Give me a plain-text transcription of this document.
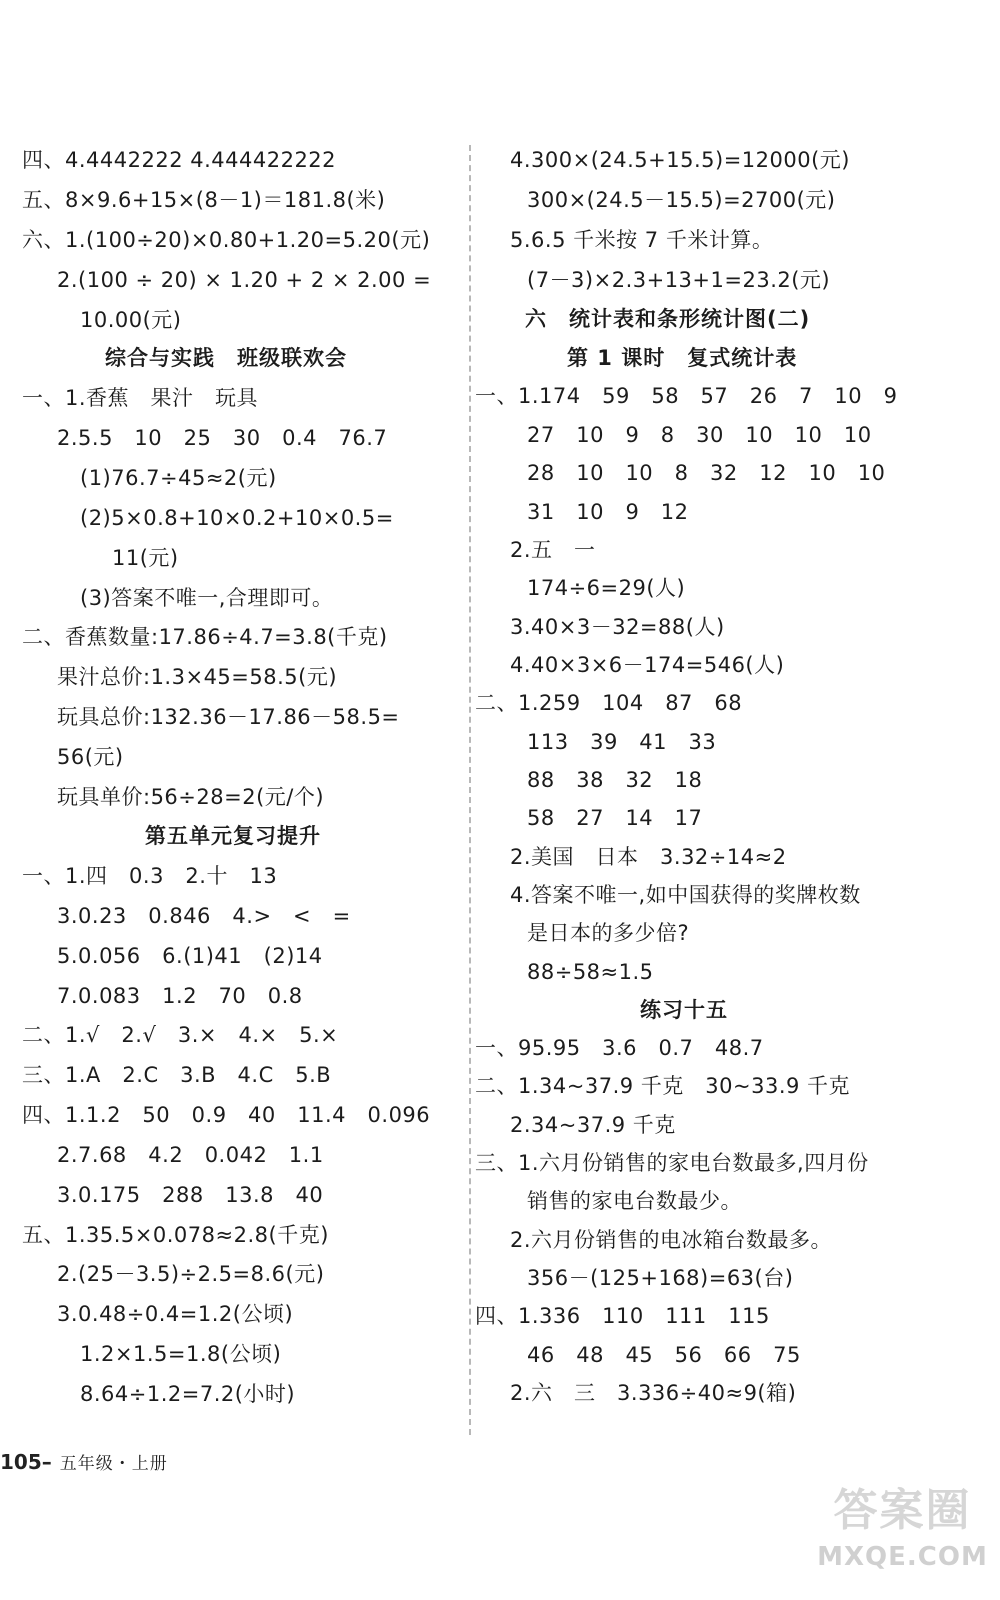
四、4.4442222 4.444422222
五、8×9.6+15×(8－1)＝181.8(米)
六、1.(100÷20)×0.80+1.20=5.20(元)
2.(100 ÷ 20) × 1.20 + 2 × 2.00 =
10.00(元)
综合与实践　班级联欢会
一、1.香蕉　果汁　玩具
2.5.5　10　25　30　0.4　76.7
(1)76.7÷45≈2(元)
(2)5×0.8+10×0.2+10×0.5=
11(元)
(3)答案不唯一,合理即可。
二、香蕉数量:17.86÷4.7=3.8(千克)
果汁总价:1.3×45=58.5(元)
玩具总价:132.36－17.86－58.5=
56(元)
玩具单价:56÷28=2(元/个)
第五单元复习提升
一、1.四　0.3　2.十　13
3.0.23　0.846　4.>　<　=
5.0.056　6.(1)41　(2)14
7.0.083　1.2　70　0.8
二、1.√　2.√　3.×　4.×　5.×
三、1.A　2.C　3.B　4.C　5.B
四、1.1.2　50　0.9　40　11.4　0.096
2.7.68　4.2　0.042　1.1
3.0.175　288　13.8　40
五、1.35.5×0.078≈2.8(千克)
2.(25－3.5)÷2.5=8.6(元)
3.0.48÷0.4=1.2(公顷)
1.2×1.5=1.8(公顷)
8.64÷1.2=7.2(小时)
4.300×(24.5+15.5)=12000(元)
300×(24.5－15.5)=2700(元)
5.6.5 千米按 7 千米计算。
(7－3)×2.3+13+1=23.2(元)
六　统计表和条形统计图(二)
第 1 课时　复式统计表
一、1.174　59　58　57　26　7　10　9
27　10　9　8　30　10　10　10
28　10　10　8　32　12　10　10
31　10　9　12
2.五　一
174÷6=29(人)
3.40×3－32=88(人)
4.40×3×6－174=546(人)
二、1.259　104　87　68
113　39　41　33
88　38　32　18
58　27　14　17
2.美国　日本　3.32÷14≈2
4.答案不唯一,如中国获得的奖牌枚数
是日本的多少倍?
88÷58≈1.5
练习十五
一、95.95　3.6　0.7　48.7
二、1.34~37.9 千克　30~33.9 千克
2.34~37.9 千克
三、1.六月份销售的家电台数最多,四月份
销售的家电台数最少。
2.六月份销售的电冰箱台数最多。
356－(125+168)=63(台)
四、1.336　110　111　115
46　48　45　56　66　75
2.六　三　3.336÷40≈9(箱)
105– 五年级・上册
答案圈
MXQE.COM
